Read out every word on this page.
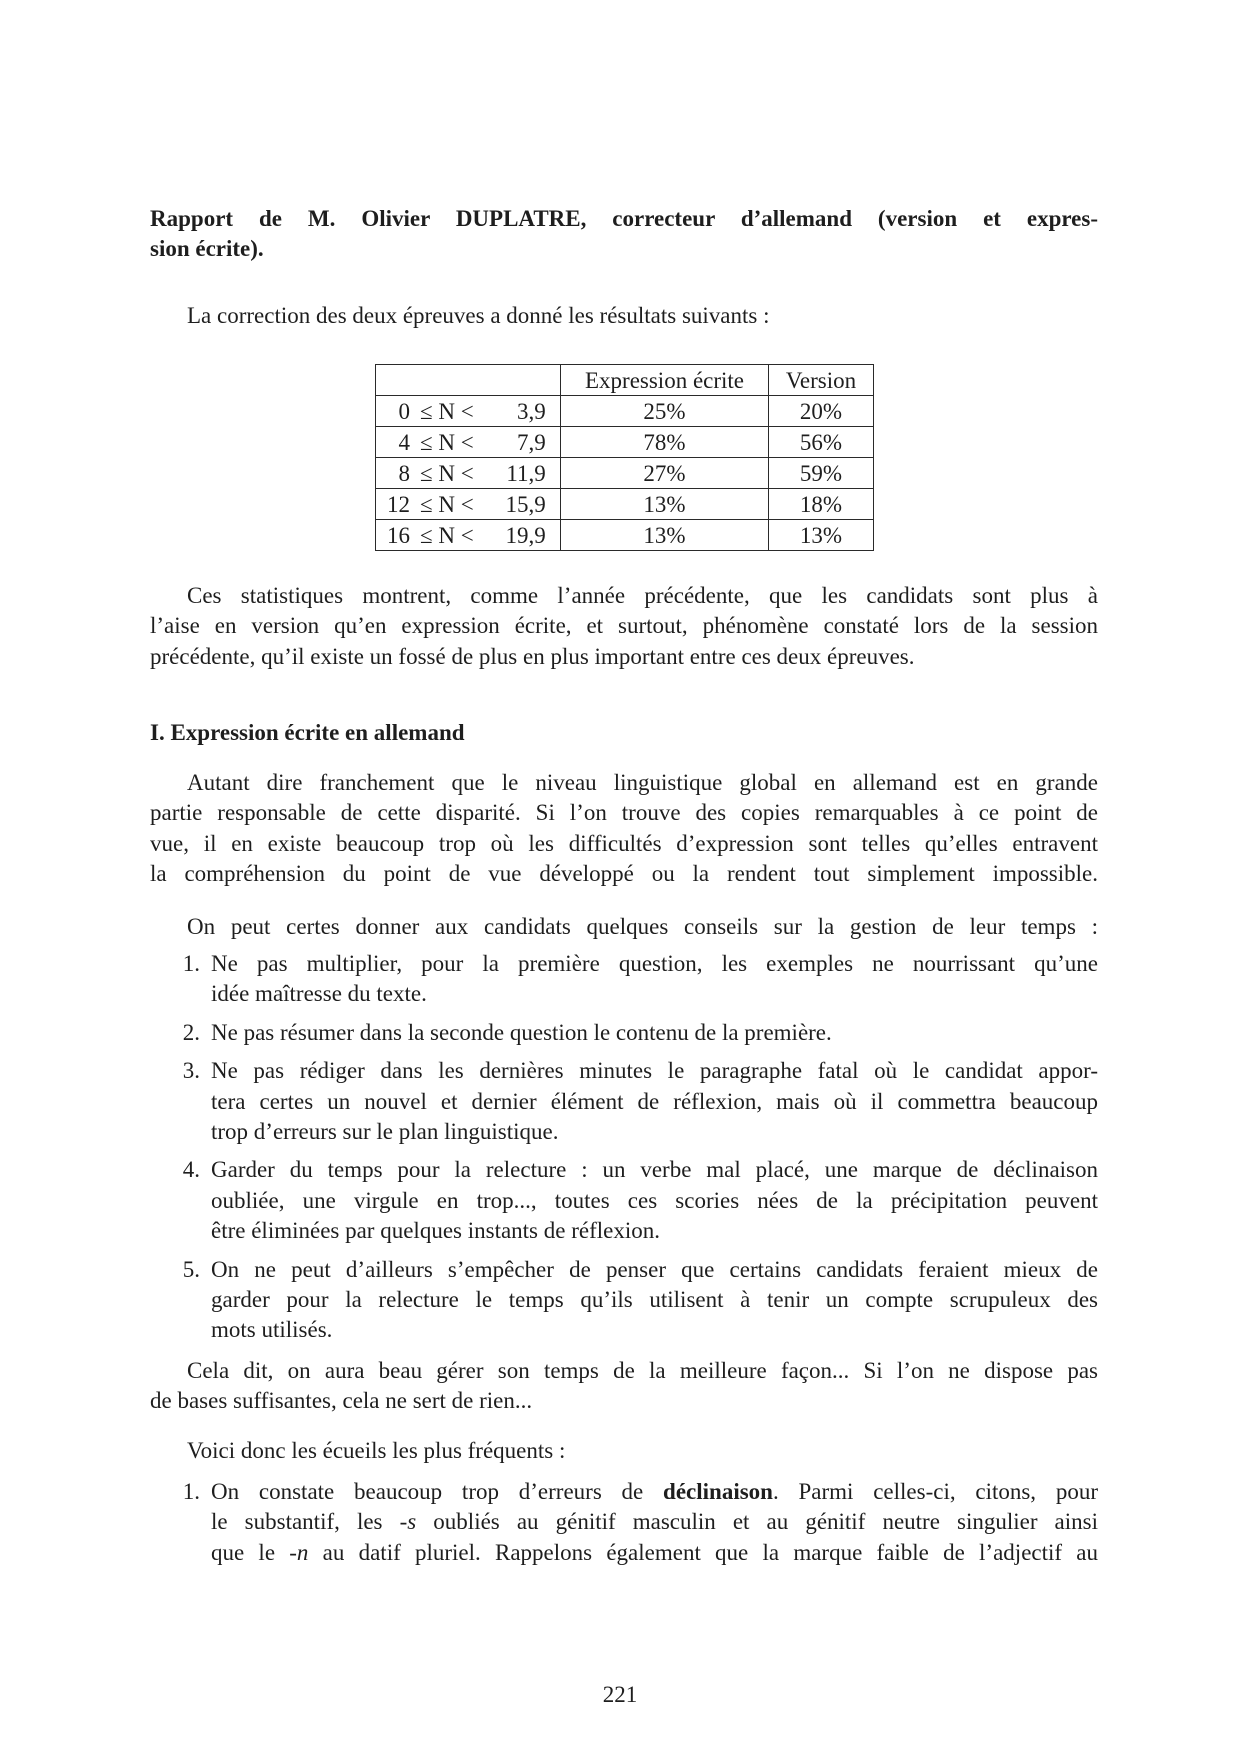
Rapport de M. Olivier DUPLATRE, correcteur d’allemand (version et expres-
sion écrite).
La correction des deux épreuves a donné les résultats suivants :
	Expression écrite	Version
0 ≤ N < 3,9	25%	20%
4 ≤ N < 7,9	78%	56%
8 ≤ N < 11,9	27%	59%
12 ≤ N < 15,9	13%	18%
16 ≤ N < 19,9	13%	13%
Ces statistiques montrent, comme l’année précédente, que les candidats sont plus à
l’aise en version qu’en expression écrite, et surtout, phénomène constaté lors de la session
précédente, qu’il existe un fossé de plus en plus important entre ces deux épreuves.
I. Expression écrite en allemand
Autant dire franchement que le niveau linguistique global en allemand est en grande
partie responsable de cette disparité. Si l’on trouve des copies remarquables à ce point de
vue, il en existe beaucoup trop où les difficultés d’expression sont telles qu’elles entravent
la compréhension du point de vue développé ou la rendent tout simplement impossible.
On peut certes donner aux candidats quelques conseils sur la gestion de leur temps :
1. Ne pas multiplier, pour la première question, les exemples ne nourrissant qu’une
idée maîtresse du texte.
2. Ne pas résumer dans la seconde question le contenu de la première.
3. Ne pas rédiger dans les dernières minutes le paragraphe fatal où le candidat appor-
tera certes un nouvel et dernier élément de réflexion, mais où il commettra beaucoup
trop d’erreurs sur le plan linguistique.
4. Garder du temps pour la relecture : un verbe mal placé, une marque de déclinaison
oubliée, une virgule en trop..., toutes ces scories nées de la précipitation peuvent
être éliminées par quelques instants de réflexion.
5. On ne peut d’ailleurs s’empêcher de penser que certains candidats feraient mieux de
garder pour la relecture le temps qu’ils utilisent à tenir un compte scrupuleux des
mots utilisés.
Cela dit, on aura beau gérer son temps de la meilleure façon... Si l’on ne dispose pas
de bases suffisantes, cela ne sert de rien...
Voici donc les écueils les plus fréquents :
1. On constate beaucoup trop d’erreurs de déclinaison. Parmi celles-ci, citons, pour
le substantif, les -s oubliés au génitif masculin et au génitif neutre singulier ainsi
que le -n au datif pluriel. Rappelons également que la marque faible de l’adjectif au
221
